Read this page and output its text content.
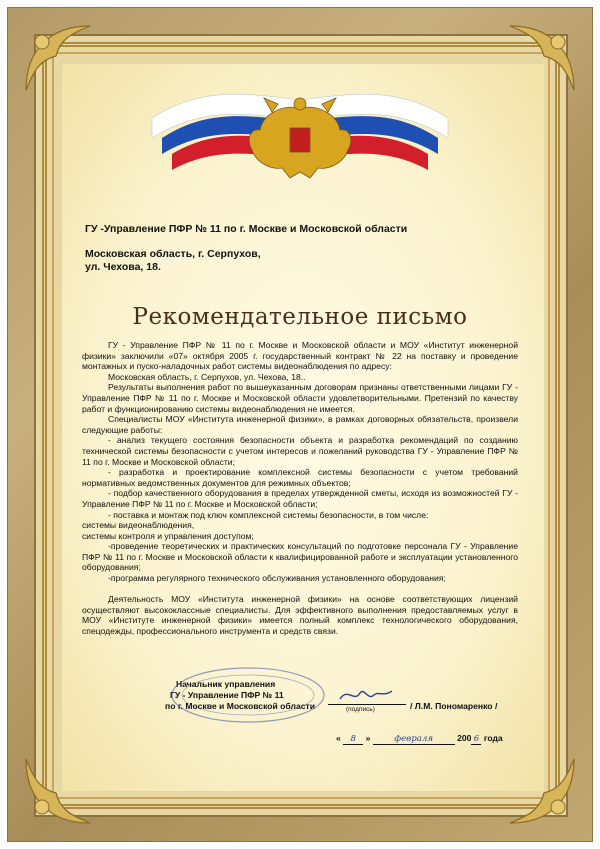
ГУ -Управление ПФР № 11 по г. Москве и Московской области
Московская область, г. Серпухов,
ул. Чехова, 18.
Рекомендательное письмо

ГУ - Управление ПФР № 11 по г. Москве и Московской области и МОУ «Институт инженерной физики» заключили «07» октября 2005 г. государственный контракт № 22 на поставку и проведение монтажных и пуско-наладочных работ системы видеонаблюдения по адресу:

Московская область, г. Серпухов, ул. Чехова, 18..

Результаты выполнения работ по вышеуказанным договорам признаны ответственными лицами ГУ - Управление ПФР № 11 по г. Москве и Московской области удовлетворительными. Претензий по качеству работ и функционированию системы видеонаблюдения не имеется.

Специалисты МОУ «Института инженерной физики», в рамках договорных обязательств, произвели следующие работы:

- анализ текущего состояния безопасности объекта и разработка рекомендаций по созданию технической системы безопасности с учетом интересов и пожеланий руководства ГУ - Управление ПФР № 11 по г. Москве и Московской области;

- разработка и проектирование комплексной системы безопасности с учетом требований нормативных ведомственных документов для режимных объектов;

- подбор качественного оборудования в пределах утвержденной сметы, исходя из возможностей ГУ - Управление ПФР № 11 по г. Москве и Московской области;

- поставка и монтаж под ключ комплексной системы безопасности, в том числе:

системы видеонаблюдения,

системы контроля и управления доступом;

-проведение теоретических и практических консультаций по подготовке персонала ГУ - Управление ПФР № 11 по г. Москве и Московской области к квалифицированной работе и эксплуатации установленного оборудования;

-программа регулярного технического обслуживания установленного оборудования;

Деятельность МОУ «Института инженерной физики» на основе соответствующих лицензий осуществляют высококлассные специалисты. Для эффективного выполнения предоставляемых услуг в МОУ «Институте инженерной физики» имеется полный комплекс технологического оборудования, спецодежды, профессионального инструмента и средств связи.

Начальник управления
ГУ - Управление ПФР № 11
по г. Москве и Московской области	(подпись)	/ Л.М. Пономаренко /
« 8 »	февраля	200 6 года
